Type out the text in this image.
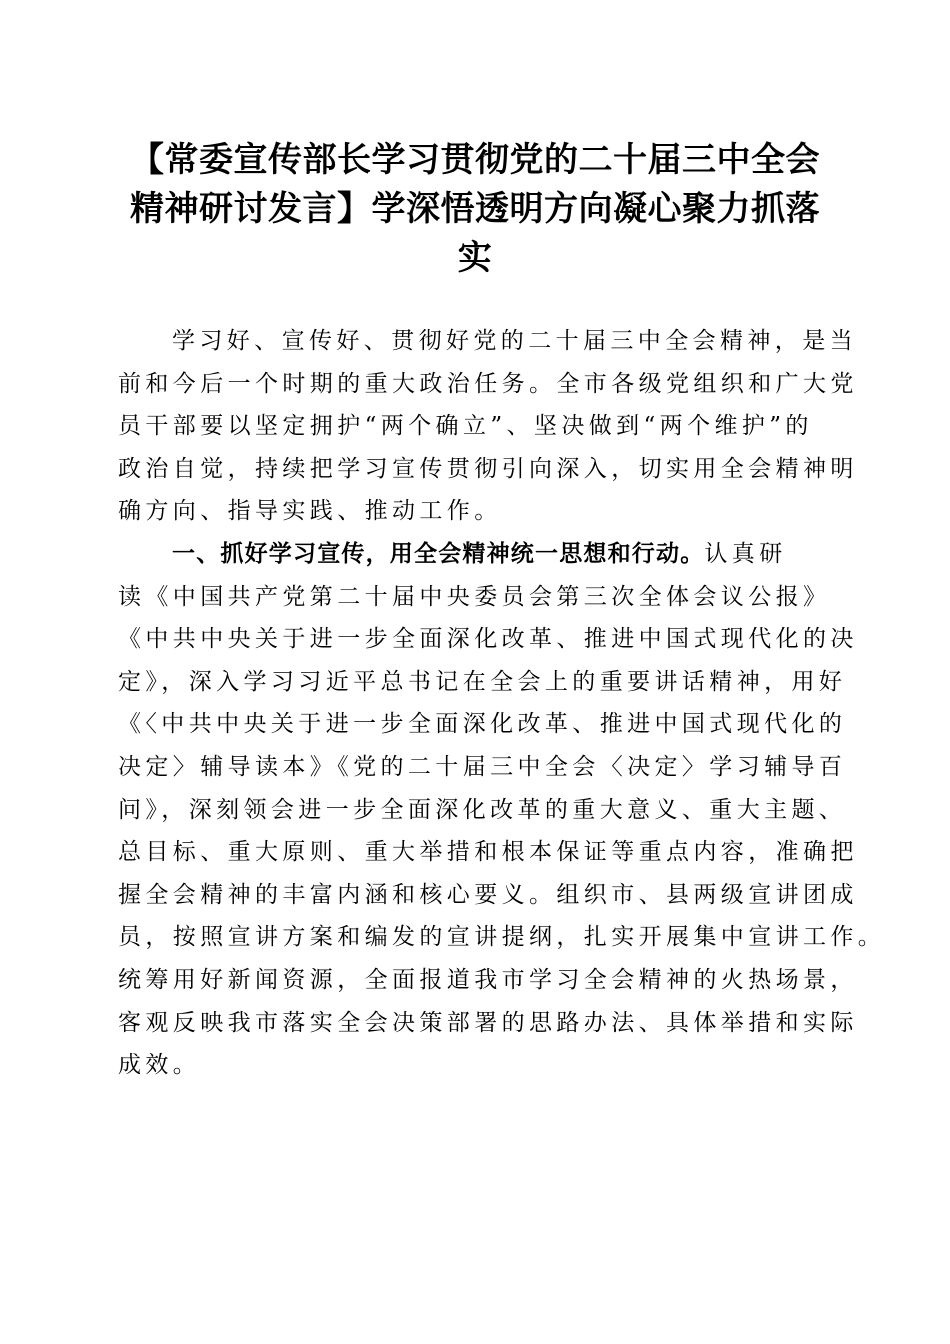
【常委宣传部长学习贯彻党的二十届三中全会
精神研讨发言】学深悟透明方向凝心聚力抓落
实
学习好、宣传好、贯彻好党的二十届三中全会精神，是当
前和今后一个时期的重大政治任务。全市各级党组织和广大党
员干部要以坚定拥护“两个确立”、坚决做到“两个维护”的
政治自觉，持续把学习宣传贯彻引向深入，切实用全会精神明
确方向、指导实践、推动工作。
一、抓好学习宣传，用全会精神统一思想和行动。认真研
读《中国共产党第二十届中央委员会第三次全体会议公报》
《中共中央关于进一步全面深化改革、推进中国式现代化的决
定》，深入学习习近平总书记在全会上的重要讲话精神，用好
《〈中共中央关于进一步全面深化改革、推进中国式现代化的
决定〉辅导读本》《党的二十届三中全会〈决定〉学习辅导百
问》，深刻领会进一步全面深化改革的重大意义、重大主题、
总目标、重大原则、重大举措和根本保证等重点内容，准确把
握全会精神的丰富内涵和核心要义。组织市、县两级宣讲团成
员，按照宣讲方案和编发的宣讲提纲，扎实开展集中宣讲工作。
统筹用好新闻资源，全面报道我市学习全会精神的火热场景，
客观反映我市落实全会决策部署的思路办法、具体举措和实际
成效。
